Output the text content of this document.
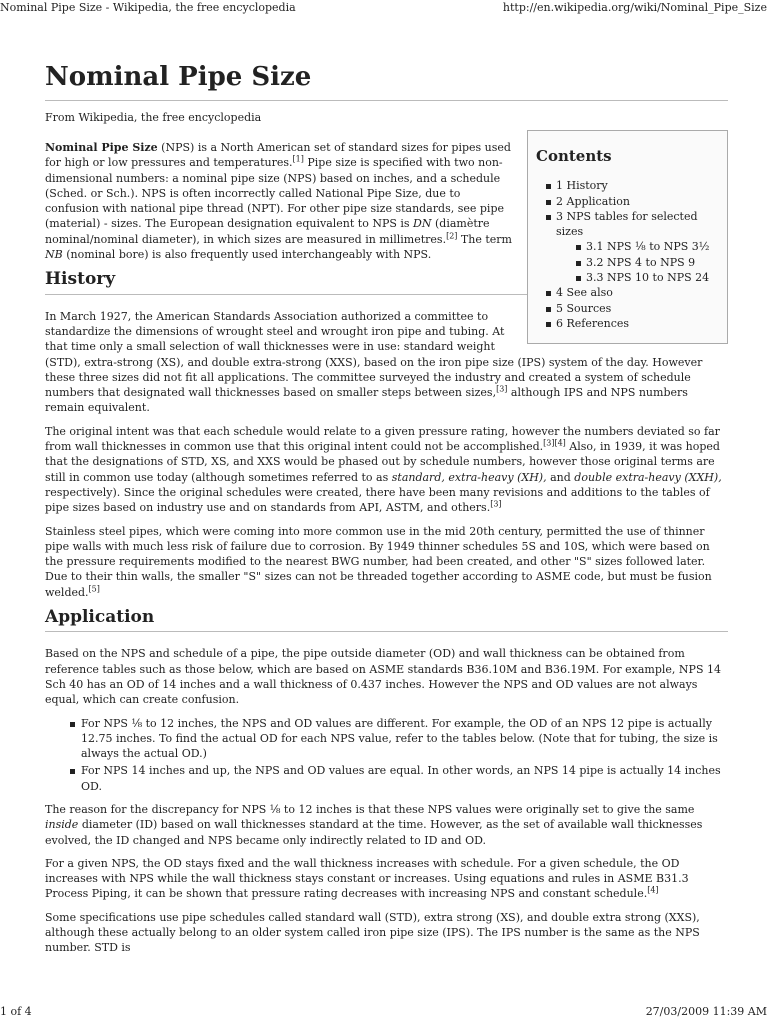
Nominal Pipe Size - Wikipedia, the free encyclopedia	http://en.wikipedia.org/wiki/Nominal_Pipe_Size
Nominal Pipe Size
From Wikipedia, the free encyclopedia
Contents
1 History
2 Application
3 NPS tables for selected sizes
3.1 NPS ⅛ to NPS 3½
3.2 NPS 4 to NPS 9
3.3 NPS 10 to NPS 24
4 See also
5 Sources
6 References

Nominal Pipe Size (NPS) is a North American set of standard sizes for pipes used for high or low pressures and temperatures.[1] Pipe size is specified with two non-dimensional numbers: a nominal pipe size (NPS) based on inches, and a schedule (Sched. or Sch.). NPS is often incorrectly called National Pipe Size, due to confusion with national pipe thread (NPT). For other pipe size standards, see pipe (material) - sizes. The European designation equivalent to NPS is DN (diamètre nominal/nominal diameter), in which sizes are measured in millimetres.[2] The term NB (nominal bore) is also frequently used interchangeably with NPS.

History

In March 1927, the American Standards Association authorized a committee to standardize the dimensions of wrought steel and wrought iron pipe and tubing. At that time only a small selection of wall thicknesses were in use: standard weight (STD), extra-strong (XS), and double extra-strong (XXS), based on the iron pipe size (IPS) system of the day. However these three sizes did not fit all applications. The committee surveyed the industry and created a system of schedule numbers that designated wall thicknesses based on smaller steps between sizes,[3] although IPS and NPS numbers remain equivalent.

The original intent was that each schedule would relate to a given pressure rating, however the numbers deviated so far from wall thicknesses in common use that this original intent could not be accomplished.[3][4] Also, in 1939, it was hoped that the designations of STD, XS, and XXS would be phased out by schedule numbers, however those original terms are still in common use today (although sometimes referred to as standard, extra-heavy (XH), and double extra-heavy (XXH), respectively). Since the original schedules were created, there have been many revisions and additions to the tables of pipe sizes based on industry use and on standards from API, ASTM, and others.[3]

Stainless steel pipes, which were coming into more common use in the mid 20th century, permitted the use of thinner pipe walls with much less risk of failure due to corrosion. By 1949 thinner schedules 5S and 10S, which were based on the pressure requirements modified to the nearest BWG number, had been created, and other "S" sizes followed later. Due to their thin walls, the smaller "S" sizes can not be threaded together according to ASME code, but must be fusion welded.[5]

Application

Based on the NPS and schedule of a pipe, the pipe outside diameter (OD) and wall thickness can be obtained from reference tables such as those below, which are based on ASME standards B36.10M and B36.19M. For example, NPS 14 Sch 40 has an OD of 14 inches and a wall thickness of 0.437 inches. However the NPS and OD values are not always equal, which can create confusion.

For NPS ⅛ to 12 inches, the NPS and OD values are different. For example, the OD of an NPS 12 pipe is actually 12.75 inches. To find the actual OD for each NPS value, refer to the tables below. (Note that for tubing, the size is always the actual OD.)
For NPS 14 inches and up, the NPS and OD values are equal. In other words, an NPS 14 pipe is actually 14 inches OD.

The reason for the discrepancy for NPS ⅛ to 12 inches is that these NPS values were originally set to give the same inside diameter (ID) based on wall thicknesses standard at the time. However, as the set of available wall thicknesses evolved, the ID changed and NPS became only indirectly related to ID and OD.

For a given NPS, the OD stays fixed and the wall thickness increases with schedule. For a given schedule, the OD increases with NPS while the wall thickness stays constant or increases. Using equations and rules in ASME B31.3 Process Piping, it can be shown that pressure rating decreases with increasing NPS and constant schedule.[4]

Some specifications use pipe schedules called standard wall (STD), extra strong (XS), and double extra strong (XXS), although these actually belong to an older system called iron pipe size (IPS). The IPS number is the same as the NPS number. STD is

1 of 4	27/03/2009 11:39 AM
